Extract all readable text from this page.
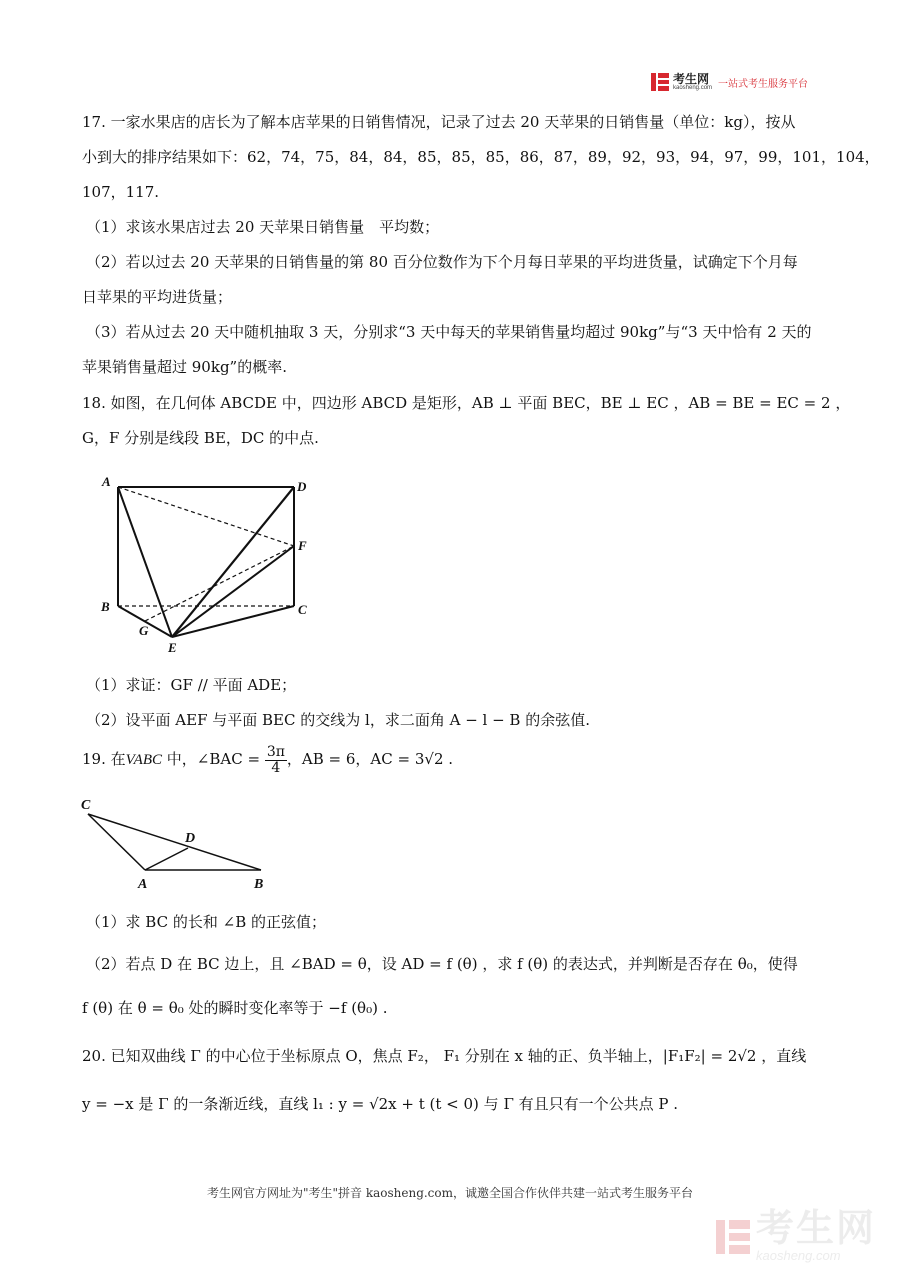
考生网
kaosheng.com 一站式考生服务平台
17. 一家水果店的店长为了解本店苹果的日销售情况，记录了过去 20 天苹果的日销售量（单位：kg），按从
小到大的排序结果如下：62，74，75，84，84，85，85，85，86，87，89，92，93，94，97，99，101，104，
107，117.
（1）求该水果店过去 20 天苹果日销售量　平均数；
（2）若以过去 20 天苹果的日销售量的第 80 百分位数作为下个月每日苹果的平均进货量，试确定下个月每
日苹果的平均进货量；
（3）若从过去 20 天中随机抽取 3 天，分别求“3 天中每天的苹果销售量均超过 90kg”与“3 天中恰有 2 天的
苹果销售量超过 90kg”的概率.
18. 如图，在几何体 ABCDE 中，四边形 ABCD 是矩形，AB ⊥ 平面 BEC，BE ⊥ EC ，AB = BE = EC = 2 ，
G，F 分别是线段 BE，DC 的中点.
A	D
F
B	C
G
E
（1）求证：GF // 平面 ADE；
（2）设平面 AEF 与平面 BEC 的交线为 l，求二面角 A − l − B 的余弦值.
19. 在VABC 中，∠BAC = $\frac{3\pi}{4}$ ，AB = 6，AC = 3√2 .
C
D
A	B
（1）求 BC 的长和 ∠B 的正弦值；
（2）若点 D 在 BC 边上，且 ∠BAD = θ，设 AD = f (θ) ，求 f (θ) 的表达式，并判断是否存在 θ₀，使得
f (θ) 在 θ = θ₀ 处的瞬时变化率等于 −f (θ₀) .
20. 已知双曲线 Γ 的中心位于坐标原点 O，焦点 F₂， F₁ 分别在 x 轴的正、负半轴上，|F₁F₂| = 2√2 ，直线
y = −x 是 Γ 的一条渐近线，直线 l₁ : y = √2x + t (t < 0) 与 Γ 有且只有一个公共点 P .
考生网官方网址为"考生"拼音 kaosheng.com，诚邀全国合作伙伴共建一站式考生服务平台
考生网
kaosheng.com
